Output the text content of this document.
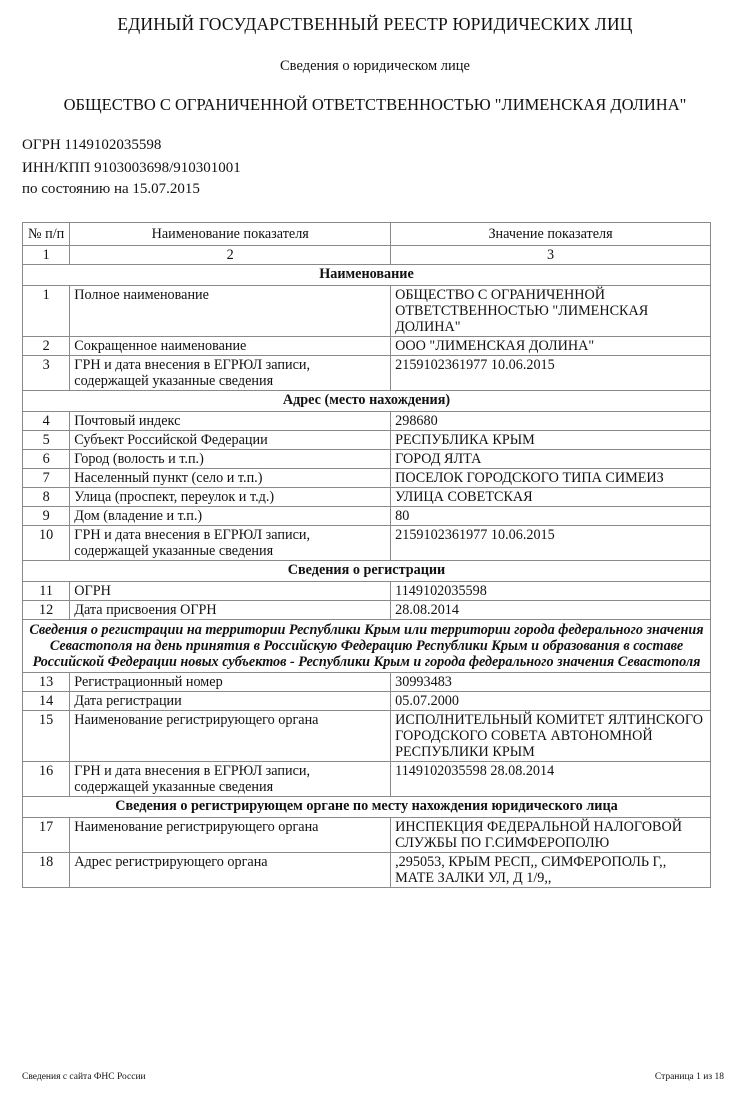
ЕДИНЫЙ ГОСУДАРСТВЕННЫЙ РЕЕСТР ЮРИДИЧЕСКИХ ЛИЦ
Сведения о юридическом лице
ОБЩЕСТВО С ОГРАНИЧЕННОЙ ОТВЕТСТВЕННОСТЬЮ "ЛИМЕНСКАЯ ДОЛИНА"
ОГРН 1149102035598
ИНН/КПП 9103003698/910301001
по состоянию на 15.07.2015
№ п/п	Наименование показателя	Значение показателя
1	2	3
Наименование		
1	Полное наименование	ОБЩЕСТВО С ОГРАНИЧЕННОЙ ОТВЕТСТВЕННОСТЬЮ "ЛИМЕНСКАЯ ДОЛИНА"
2	Сокращенное наименование	ООО "ЛИМЕНСКАЯ ДОЛИНА"
3	ГРН и дата внесения в ЕГРЮЛ записи, содержащей указанные сведения	2159102361977 10.06.2015
Адрес (место нахождения)		
4	Почтовый индекс	298680
5	Субъект Российской Федерации	РЕСПУБЛИКА КРЫМ
6	Город (волость и т.п.)	ГОРОД ЯЛТА
7	Населенный пункт (село и т.п.)	ПОСЕЛОК ГОРОДСКОГО ТИПА СИМЕИЗ
8	Улица (проспект, переулок и т.д.)	УЛИЦА СОВЕТСКАЯ
9	Дом (владение и т.п.)	80
10	ГРН и дата внесения в ЕГРЮЛ записи, содержащей указанные сведения	2159102361977 10.06.2015
Сведения о регистрации		
11	ОГРН	1149102035598
12	Дата присвоения ОГРН	28.08.2014
Сведения о регистрации на территории Республики Крым или территории города федерального значения Севастополя на день принятия в Российскую Федерацию Республики Крым и образования в составе Российской Федерации новых субъектов - Республики Крым и города федерального значения Севастополя		
13	Регистрационный номер	30993483
14	Дата регистрации	05.07.2000
15	Наименование регистрирующего органа	ИСПОЛНИТЕЛЬНЫЙ КОМИТЕТ ЯЛТИНСКОГО ГОРОДСКОГО СОВЕТА АВТОНОМНОЙ РЕСПУБЛИКИ КРЫМ
16	ГРН и дата внесения в ЕГРЮЛ записи, содержащей указанные сведения	1149102035598 28.08.2014
Сведения о регистрирующем органе по месту нахождения юридического лица		
17	Наименование регистрирующего органа	ИНСПЕКЦИЯ ФЕДЕРАЛЬНОЙ НАЛОГОВОЙ СЛУЖБЫ ПО Г.СИМФЕРОПОЛЮ
18	Адрес регистрирующего органа	,295053, КРЫМ РЕСП,, СИМФЕРОПОЛЬ Г,, МАТЕ ЗАЛКИ УЛ, Д 1/9,,
Сведения с сайта ФНС России	Страница 1 из 18
